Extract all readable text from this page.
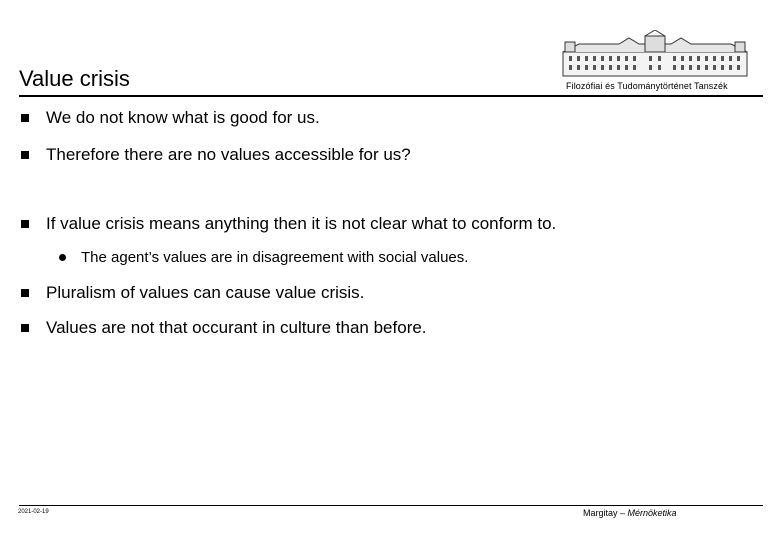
Value crisis	Filozófiai és Tudománytörténet Tanszék
We do not know what is good for us.
Therefore there are no values accessible for us?
If value crisis means anything then it is not clear what to conform to.
The agent’s values are in disagreement with social values.
Pluralism of values can cause value crisis.
Values are not that occurant in culture than before.
2021-02-19	Margitay – Mérnöketika
